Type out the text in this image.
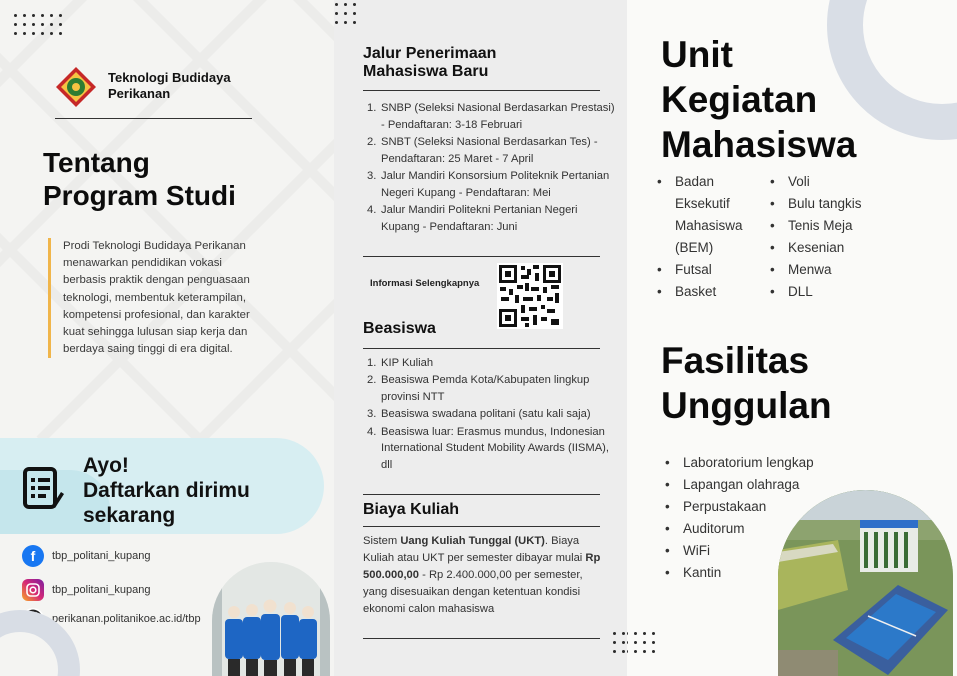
Teknologi Budidaya
Perikanan
Tentang
Program Studi
Prodi Teknologi Budidaya Perikanan menawarkan pendidikan vokasi berbasis praktik dengan penguasaan teknologi, membentuk keterampilan, kompetensi profesional, dan karakter kuat sehingga lulusan siap kerja dan berdaya saing tinggi di era digital.
Ayo!
Daftarkan dirimu
sekarang
f	tbp_politani_kupang
tbp_politani_kupang
perikanan.politanikoe.ac.id/tbp
Jalur Penerimaan
Mahasiswa Baru
1. SNBP (Seleksi Nasional Berdasarkan Prestasi) - Pendaftaran: 3-18 Februari
2. SNBT (Seleksi Nasional Berdasarkan Tes) - Pendaftaran: 25 Maret - 7 April
3. Jalur Mandiri Konsorsium Politeknik Pertanian Negeri Kupang - Pendaftaran: Mei
4. Jalur Mandiri Politekni Pertanian Negeri Kupang - Pendaftaran: Juni
Informasi Selengkapnya
Beasiswa
1. KIP Kuliah
2. Beasiswa Pemda Kota/Kabupaten lingkup provinsi NTT
3. Beasiswa swadana politani (satu kali saja)
4. Beasiswa luar: Erasmus mundus, Indonesian International Student Mobility Awards (IISMA), dll
Biaya Kuliah
Sistem Uang Kuliah Tunggal (UKT). Biaya Kuliah atau UKT per semester dibayar mulai Rp 500.000,00 - Rp 2.400.000,00 per semester, yang disesuaikan dengan ketentuan kondisi ekonomi calon mahasiswa
Unit
Kegiatan
Mahasiswa
• Badan Eksekutif Mahasiswa (BEM)
• Futsal
• Basket
• Voli
• Bulu tangkis
• Tenis Meja
• Kesenian
• Menwa
• DLL
Fasilitas
Unggulan
• Laboratorium lengkap
• Lapangan olahraga
• Perpustakaan
• Auditorum
• WiFi
• Kantin
